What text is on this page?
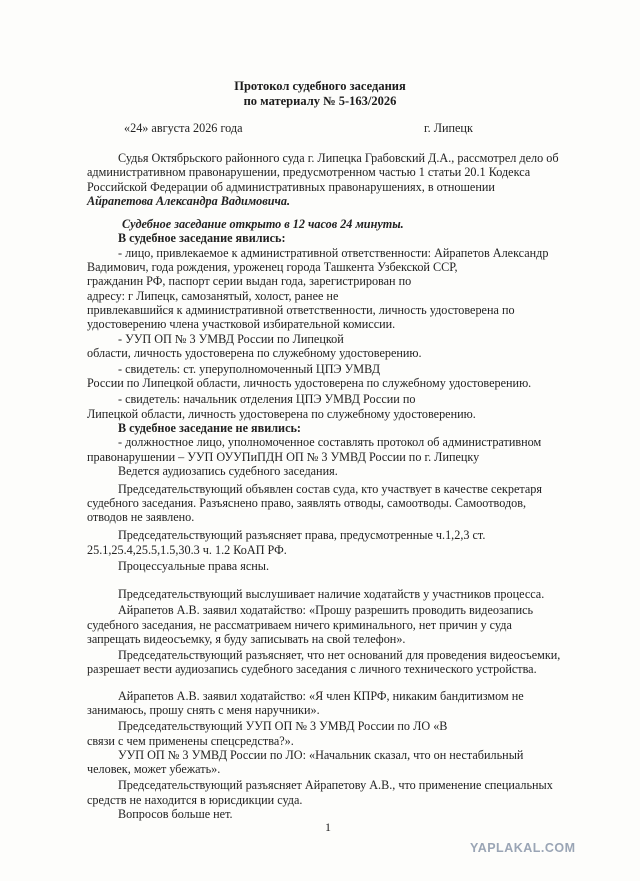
Протокол судебного заседания
по материалу № 5-163/2026
«24» августа 2026 года	г. Липецк
Судья Октябрьского районного суда г. Липецка Грабовский Д.А., рассмотрел дело об
административном правонарушении, предусмотренном частью 1 статьи 20.1 Кодекса
Российской Федерации об административных правонарушениях, в отношении
Айрапетова Александра Вадимовича.
Судебное заседание открыто в 12 часов 24 минуты.
В судебное заседание явились:
- лицо, привлекаемое к административной ответственности: Айрапетов Александр
Вадимович, года рождения, уроженец города Ташкента Узбекской ССР,
гражданин РФ, паспорт серии выдан года, зарегистрирован по
адресу: г Липецк, самозанятый, холост, ранее не
привлекавшийся к административной ответственности, личность удостоверена по
удостоверению члена участковой избирательной комиссии.
- УУП ОП № 3 УМВД России по Липецкой
области, личность удостоверена по служебному удостоверению.
- свидетель: ст. уперуполномоченный ЦПЭ УМВД
России по Липецкой области, личность удостоверена по служебному удостоверению.
- свидетель: начальник отделения ЦПЭ УМВД России по
Липецкой области, личность удостоверена по служебному удостоверению.
В судебное заседание не явились:
- должностное лицо, уполномоченное составлять протокол об административном
правонарушении – УУП ОУУПиПДН ОП № 3 УМВД России по г. Липецку
Ведется аудиозапись судебного заседания.
Председательствующий объявлен состав суда, кто участвует в качестве секретаря
судебного заседания. Разъяснено право, заявлять отводы, самоотводы. Самоотводов,
отводов не заявлено.
Председательствующий разъясняет права, предусмотренные ч.1,2,3 ст.
25.1,25.4,25.5,1.5,30.3 ч. 1.2 КоАП РФ.
Процессуальные права ясны.
Председательствующий выслушивает наличие ходатайств у участников процесса.
Айрапетов А.В. заявил ходатайство: «Прошу разрешить проводить видеозапись
судебного заседания, не рассматриваем ничего криминального, нет причин у суда
запрещать видеосъемку, я буду записывать на свой телефон».
Председательствующий разъясняет, что нет оснований для проведения видеосъемки,
разрешает вести аудиозапись судебного заседания с личного технического устройства.
Айрапетов А.В. заявил ходатайство: «Я член КПРФ, никаким бандитизмом не
занимаюсь, прошу снять с меня наручники».
Председательствующий УУП ОП № 3 УМВД России по ЛО «В
связи с чем применены спецсредства?».
УУП ОП № 3 УМВД России по ЛО: «Начальник сказал, что он нестабильный
человек, может убежать».
Председательствующий разъясняет Айрапетову А.В., что применение специальных
средств не находится в юрисдикции суда.
Вопросов больше нет.
1
YAPLAKAL.COM
